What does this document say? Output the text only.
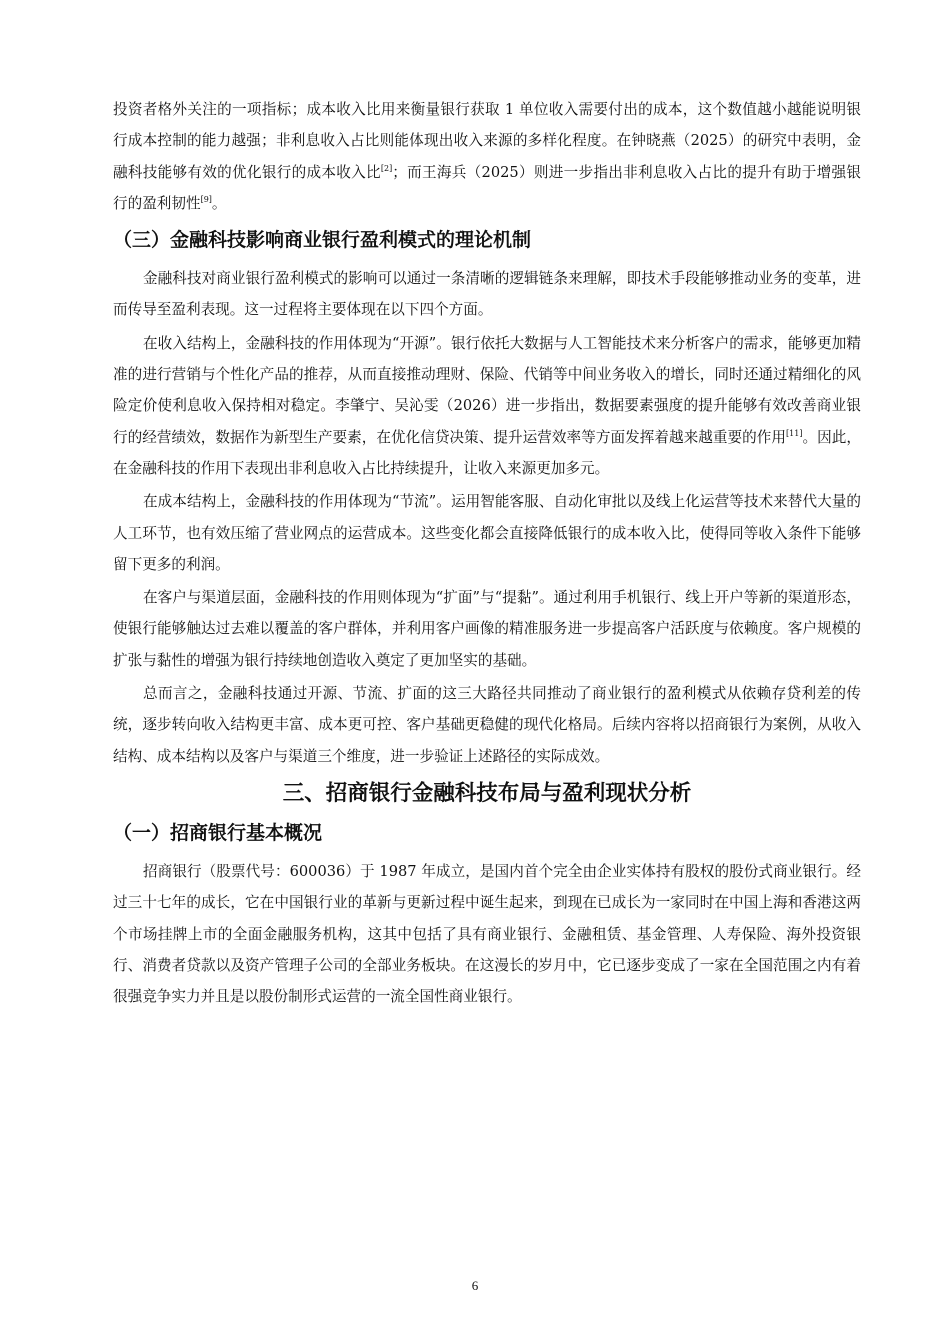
投资者格外关注的一项指标；成本收入比用来衡量银行获取 1 单位收入需要付出的成本，这个数值越小越能说明银行成本控制的能力越强；非利息收入占比则能体现出收入来源的多样化程度。在钟晓燕（2025）的研究中表明，金融科技能够有效的优化银行的成本收入比[2]；而王海兵（2025）则进一步指出非利息收入占比的提升有助于增强银行的盈利韧性[9]。

（三）金融科技影响商业银行盈利模式的理论机制

金融科技对商业银行盈利模式的影响可以通过一条清晰的逻辑链条来理解，即技术手段能够推动业务的变革，进而传导至盈利表现。这一过程将主要体现在以下四个方面。

在收入结构上，金融科技的作用体现为“开源”。银行依托大数据与人工智能技术来分析客户的需求，能够更加精准的进行营销与个性化产品的推荐，从而直接推动理财、保险、代销等中间业务收入的增长，同时还通过精细化的风险定价使利息收入保持相对稳定。李肇宁、吴沁雯（2026）进一步指出，数据要素强度的提升能够有效改善商业银行的经营绩效，数据作为新型生产要素，在优化信贷决策、提升运营效率等方面发挥着越来越重要的作用[11]。因此，在金融科技的作用下表现出非利息收入占比持续提升，让收入来源更加多元。

在成本结构上，金融科技的作用体现为“节流”。运用智能客服、自动化审批以及线上化运营等技术来替代大量的人工环节，也有效压缩了营业网点的运营成本。这些变化都会直接降低银行的成本收入比，使得同等收入条件下能够留下更多的利润。

在客户与渠道层面，金融科技的作用则体现为“扩面”与“提黏”。通过利用手机银行、线上开户等新的渠道形态，使银行能够触达过去难以覆盖的客户群体，并利用客户画像的精准服务进一步提高客户活跃度与依赖度。客户规模的扩张与黏性的增强为银行持续地创造收入奠定了更加坚实的基础。

总而言之，金融科技通过开源、节流、扩面的这三大路径共同推动了商业银行的盈利模式从依赖存贷利差的传统，逐步转向收入结构更丰富、成本更可控、客户基础更稳健的现代化格局。后续内容将以招商银行为案例，从收入结构、成本结构以及客户与渠道三个维度，进一步验证上述路径的实际成效。

三、招商银行金融科技布局与盈利现状分析
（一）招商银行基本概况

招商银行（股票代号：600036）于 1987 年成立，是国内首个完全由企业实体持有股权的股份式商业银行。经过三十七年的成长，它在中国银行业的革新与更新过程中诞生起来，到现在已成长为一家同时在中国上海和香港这两个市场挂牌上市的全面金融服务机构，这其中包括了具有商业银行、金融租赁、基金管理、人寿保险、海外投资银行、消费者贷款以及资产管理子公司的全部业务板块。在这漫长的岁月中，它已逐步变成了一家在全国范围之内有着很强竞争实力并且是以股份制形式运营的一流全国性商业银行。

6
